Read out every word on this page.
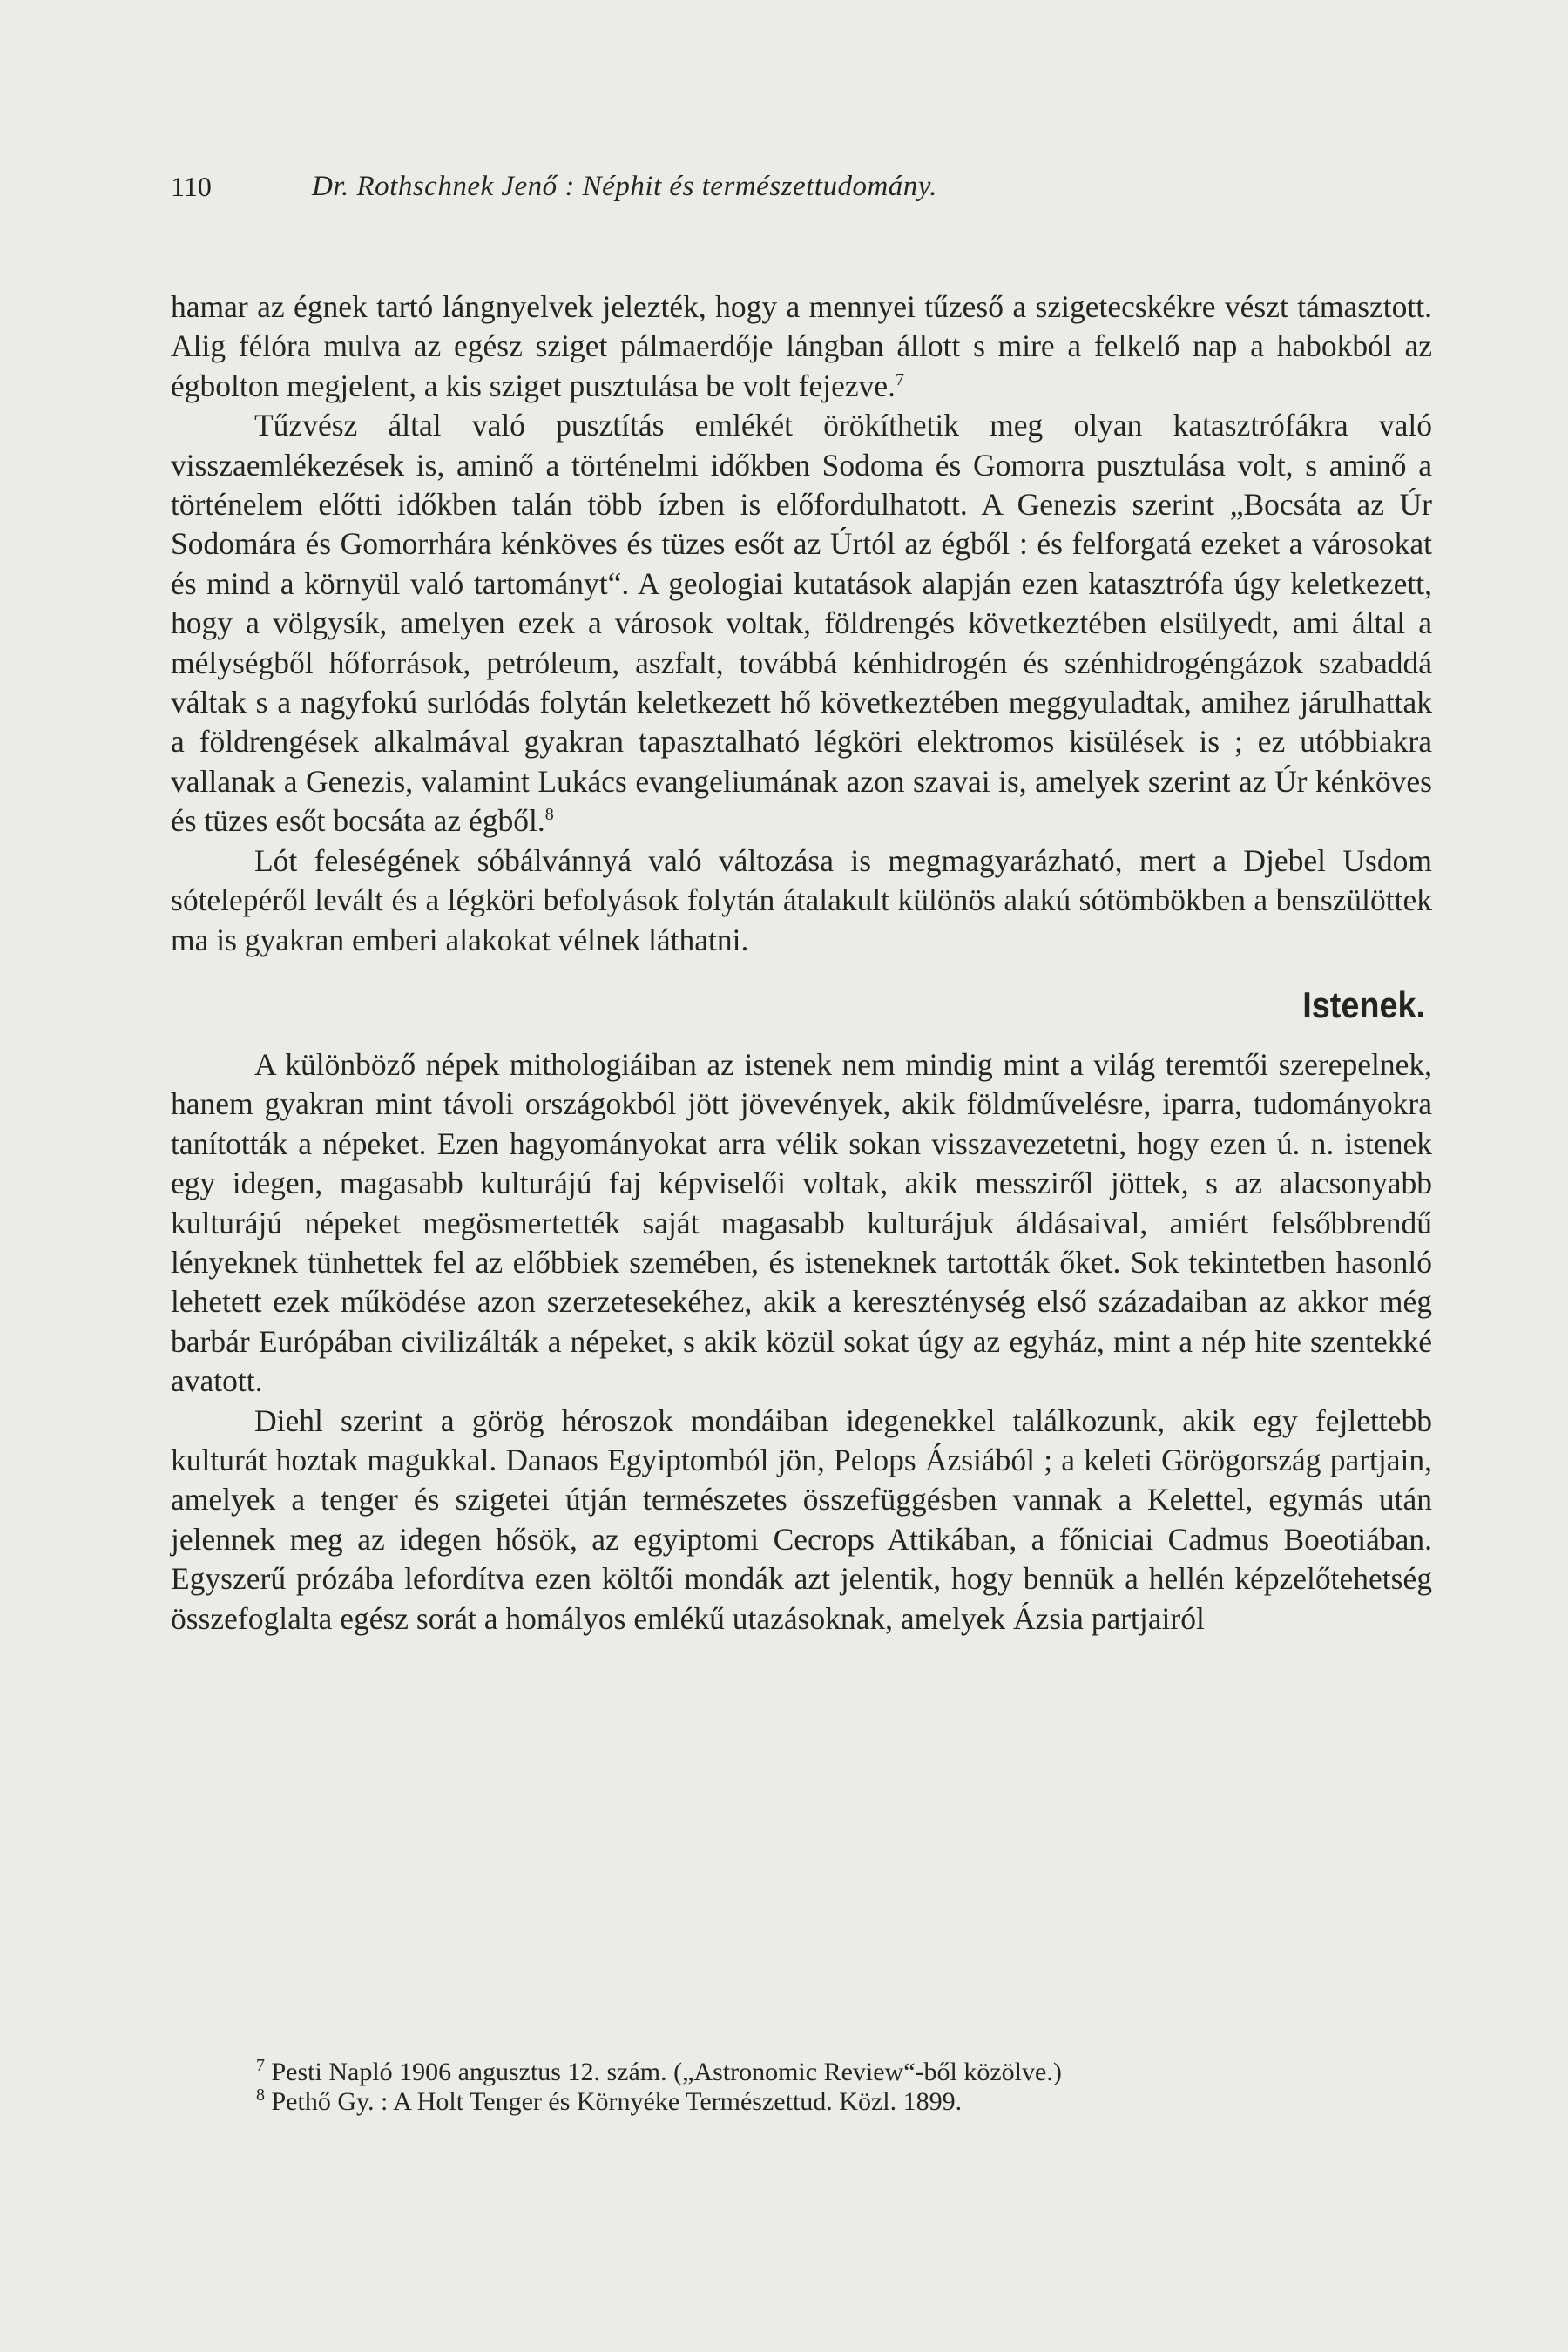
110	Dr. Rothschnek Jenő : Néphit és természettudomány.

hamar az égnek tartó lángnyelvek jelezték, hogy a mennyei tűzeső a szigetecskékre vészt támasztott. Alig félóra mulva az egész sziget pálmaerdője lángban állott s mire a felkelő nap a habokból az égbolton megjelent, a kis sziget pusztulása be volt fejezve.$^7$

Tűzvész által való pusztítás emlékét örökíthetik meg olyan katasztrófákra való visszaemlékezések is, aminő a történelmi időkben Sodoma és Gomorra pusztulása volt, s aminő a történelem előtti időkben talán több ízben is előfordulhatott. A Genezis szerint „Bocsáta az Úr Sodomára és Gomorrhára kénköves és tüzes esőt az Úrtól az égből : és felforgatá ezeket a városokat és mind a környül való tartományt“. A geologiai kutatások alapján ezen katasztrófa úgy keletkezett, hogy a völgysík, amelyen ezek a városok voltak, földrengés következtében elsülyedt, ami által a mélységből hőforrások, petróleum, aszfalt, továbbá kénhidrogén és szénhidrogéngázok szabaddá váltak s a nagyfokú surlódás folytán keletkezett hő következtében meggyuladtak, amihez járulhattak a földrengések alkalmával gyakran tapasztalható légköri elektromos kisülések is ; ez utóbbiakra vallanak a Genezis, valamint Lukács evangeliumának azon szavai is, amelyek szerint az Úr kénköves és tüzes esőt bocsáta az égből.$^8$

Lót feleségének sóbálvánnyá való változása is megmagyarázható, mert a Djebel Usdom sótelepéről levált és a légköri befolyások folytán átalakult különös alakú sótömbökben a benszülöttek ma is gyakran emberi alakokat vélnek láthatni.

Istenek.

A különböző népek mithologiáiban az istenek nem mindig mint a világ teremtői szerepelnek, hanem gyakran mint távoli országokból jött jövevények, akik földművelésre, iparra, tudományokra tanították a népeket. Ezen hagyományokat arra vélik sokan visszavezetetni, hogy ezen ú. n. istenek egy idegen, magasabb kulturájú faj képviselői voltak, akik messziről jöttek, s az alacsonyabb kulturájú népeket megösmertették saját magasabb kulturájuk áldásaival, amiért felsőbbrendű lényeknek tünhettek fel az előbbiek szemében, és isteneknek tartották őket. Sok tekintetben hasonló lehetett ezek működése azon szerzetesekéhez, akik a kereszténység első századaiban az akkor még barbár Európában civilizálták a népeket, s akik közül sokat úgy az egyház, mint a nép hite szentekké avatott.

Diehl szerint a görög héroszok mondáiban idegenekkel találkozunk, akik egy fejlettebb kulturát hoztak magukkal. Danaos Egyiptomból jön, Pelops Ázsiából ; a keleti Görögország partjain, amelyek a tenger és szigetei útján természetes összefüggésben vannak a Kelettel, egymás után jelennek meg az idegen hősök, az egyiptomi Cecrops Attikában, a főniciai Cadmus Boeotiában. Egyszerű prózába lefordítva ezen költői mondák azt jelentik, hogy bennük a hellén képzelőtehetség összefoglalta egész sorát a homályos emlékű utazásoknak, amelyek Ázsia partjairól

$^7$ Pesti Napló 1906 angusztus 12. szám. („Astronomic Review“-ből közölve.)

$^8$ Pethő Gy. : A Holt Tenger és Környéke Természettud. Közl. 1899.
